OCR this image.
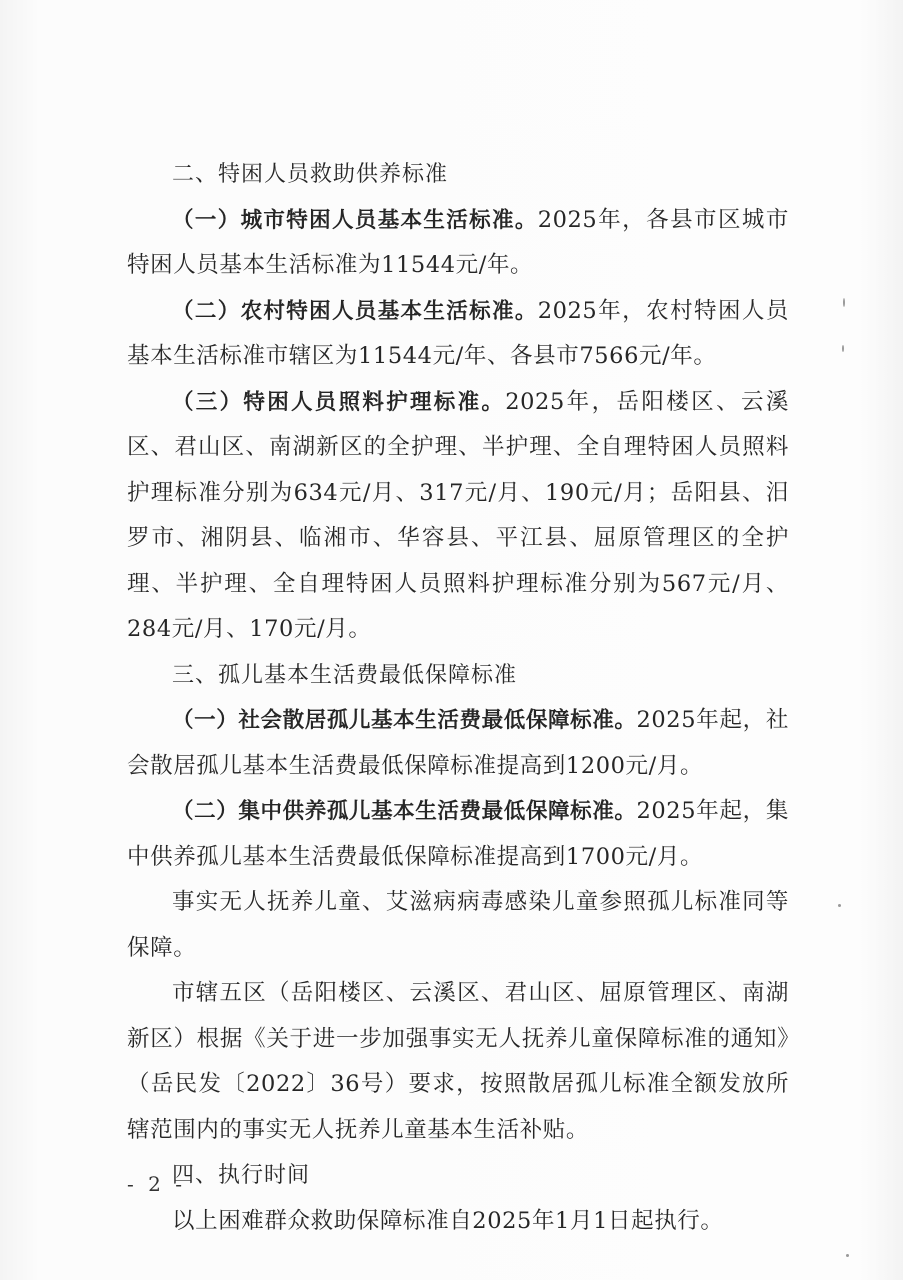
二、特困人员救助供养标准

（一）城市特困人员基本生活标准。2025年，各县市区城市特困人员基本生活标准为11544元/年。

（二）农村特困人员基本生活标准。2025年，农村特困人员基本生活标准市辖区为11544元/年、各县市7566元/年。

（三）特困人员照料护理标准。2025年，岳阳楼区、云溪区、君山区、南湖新区的全护理、半护理、全自理特困人员照料护理标准分别为634元/月、317元/月、190元/月；岳阳县、汨罗市、湘阴县、临湘市、华容县、平江县、屈原管理区的全护理、半护理、全自理特困人员照料护理标准分别为567元/月、284元/月、170元/月。

三、孤儿基本生活费最低保障标准

（一）社会散居孤儿基本生活费最低保障标准。2025年起，社会散居孤儿基本生活费最低保障标准提高到1200元/月。

（二）集中供养孤儿基本生活费最低保障标准。2025年起，集中供养孤儿基本生活费最低保障标准提高到1700元/月。

事实无人抚养儿童、艾滋病病毒感染儿童参照孤儿标准同等保障。

市辖五区（岳阳楼区、云溪区、君山区、屈原管理区、南湖新区）根据《关于进一步加强事实无人抚养儿童保障标准的通知》（岳民发〔2022〕36号）要求，按照散居孤儿标准全额发放所辖范围内的事实无人抚养儿童基本生活补贴。

四、执行时间

以上困难群众救助保障标准自2025年1月1日起执行。

- 2 -
